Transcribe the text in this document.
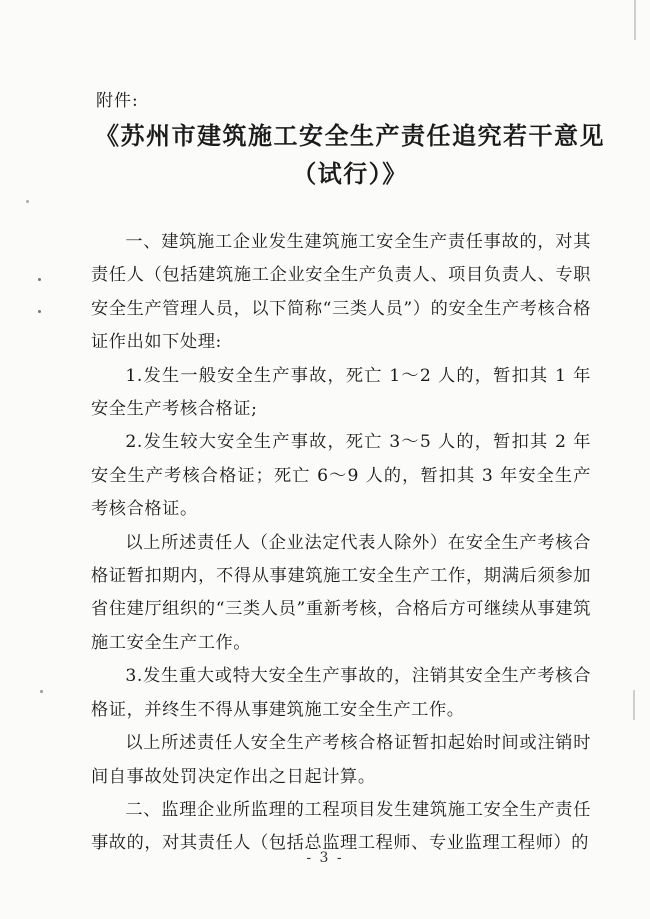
附件:
《苏州市建筑施工安全生产责任追究若干意见
（试行）》

一、建筑施工企业发生建筑施工安全生产责任事故的，对其责任人（包括建筑施工企业安全生产负责人、项目负责人、专职安全生产管理人员，以下简称“三类人员”）的安全生产考核合格证作出如下处理:

1.发生一般安全生产事故，死亡 1～2 人的，暂扣其 1 年安全生产考核合格证;

2.发生较大安全生产事故，死亡 3～5 人的，暂扣其 2 年安全生产考核合格证；死亡 6～9 人的，暂扣其 3 年安全生产考核合格证。

以上所述责任人（企业法定代表人除外）在安全生产考核合格证暂扣期内，不得从事建筑施工安全生产工作，期满后须参加省住建厅组织的“三类人员”重新考核，合格后方可继续从事建筑施工安全生产工作。

3.发生重大或特大安全生产事故的，注销其安全生产考核合格证，并终生不得从事建筑施工安全生产工作。

以上所述责任人安全生产考核合格证暂扣起始时间或注销时间自事故处罚决定作出之日起计算。

二、监理企业所监理的工程项目发生建筑施工安全生产责任事故的，对其责任人（包括总监理工程师、专业监理工程师）的

- 3 -
